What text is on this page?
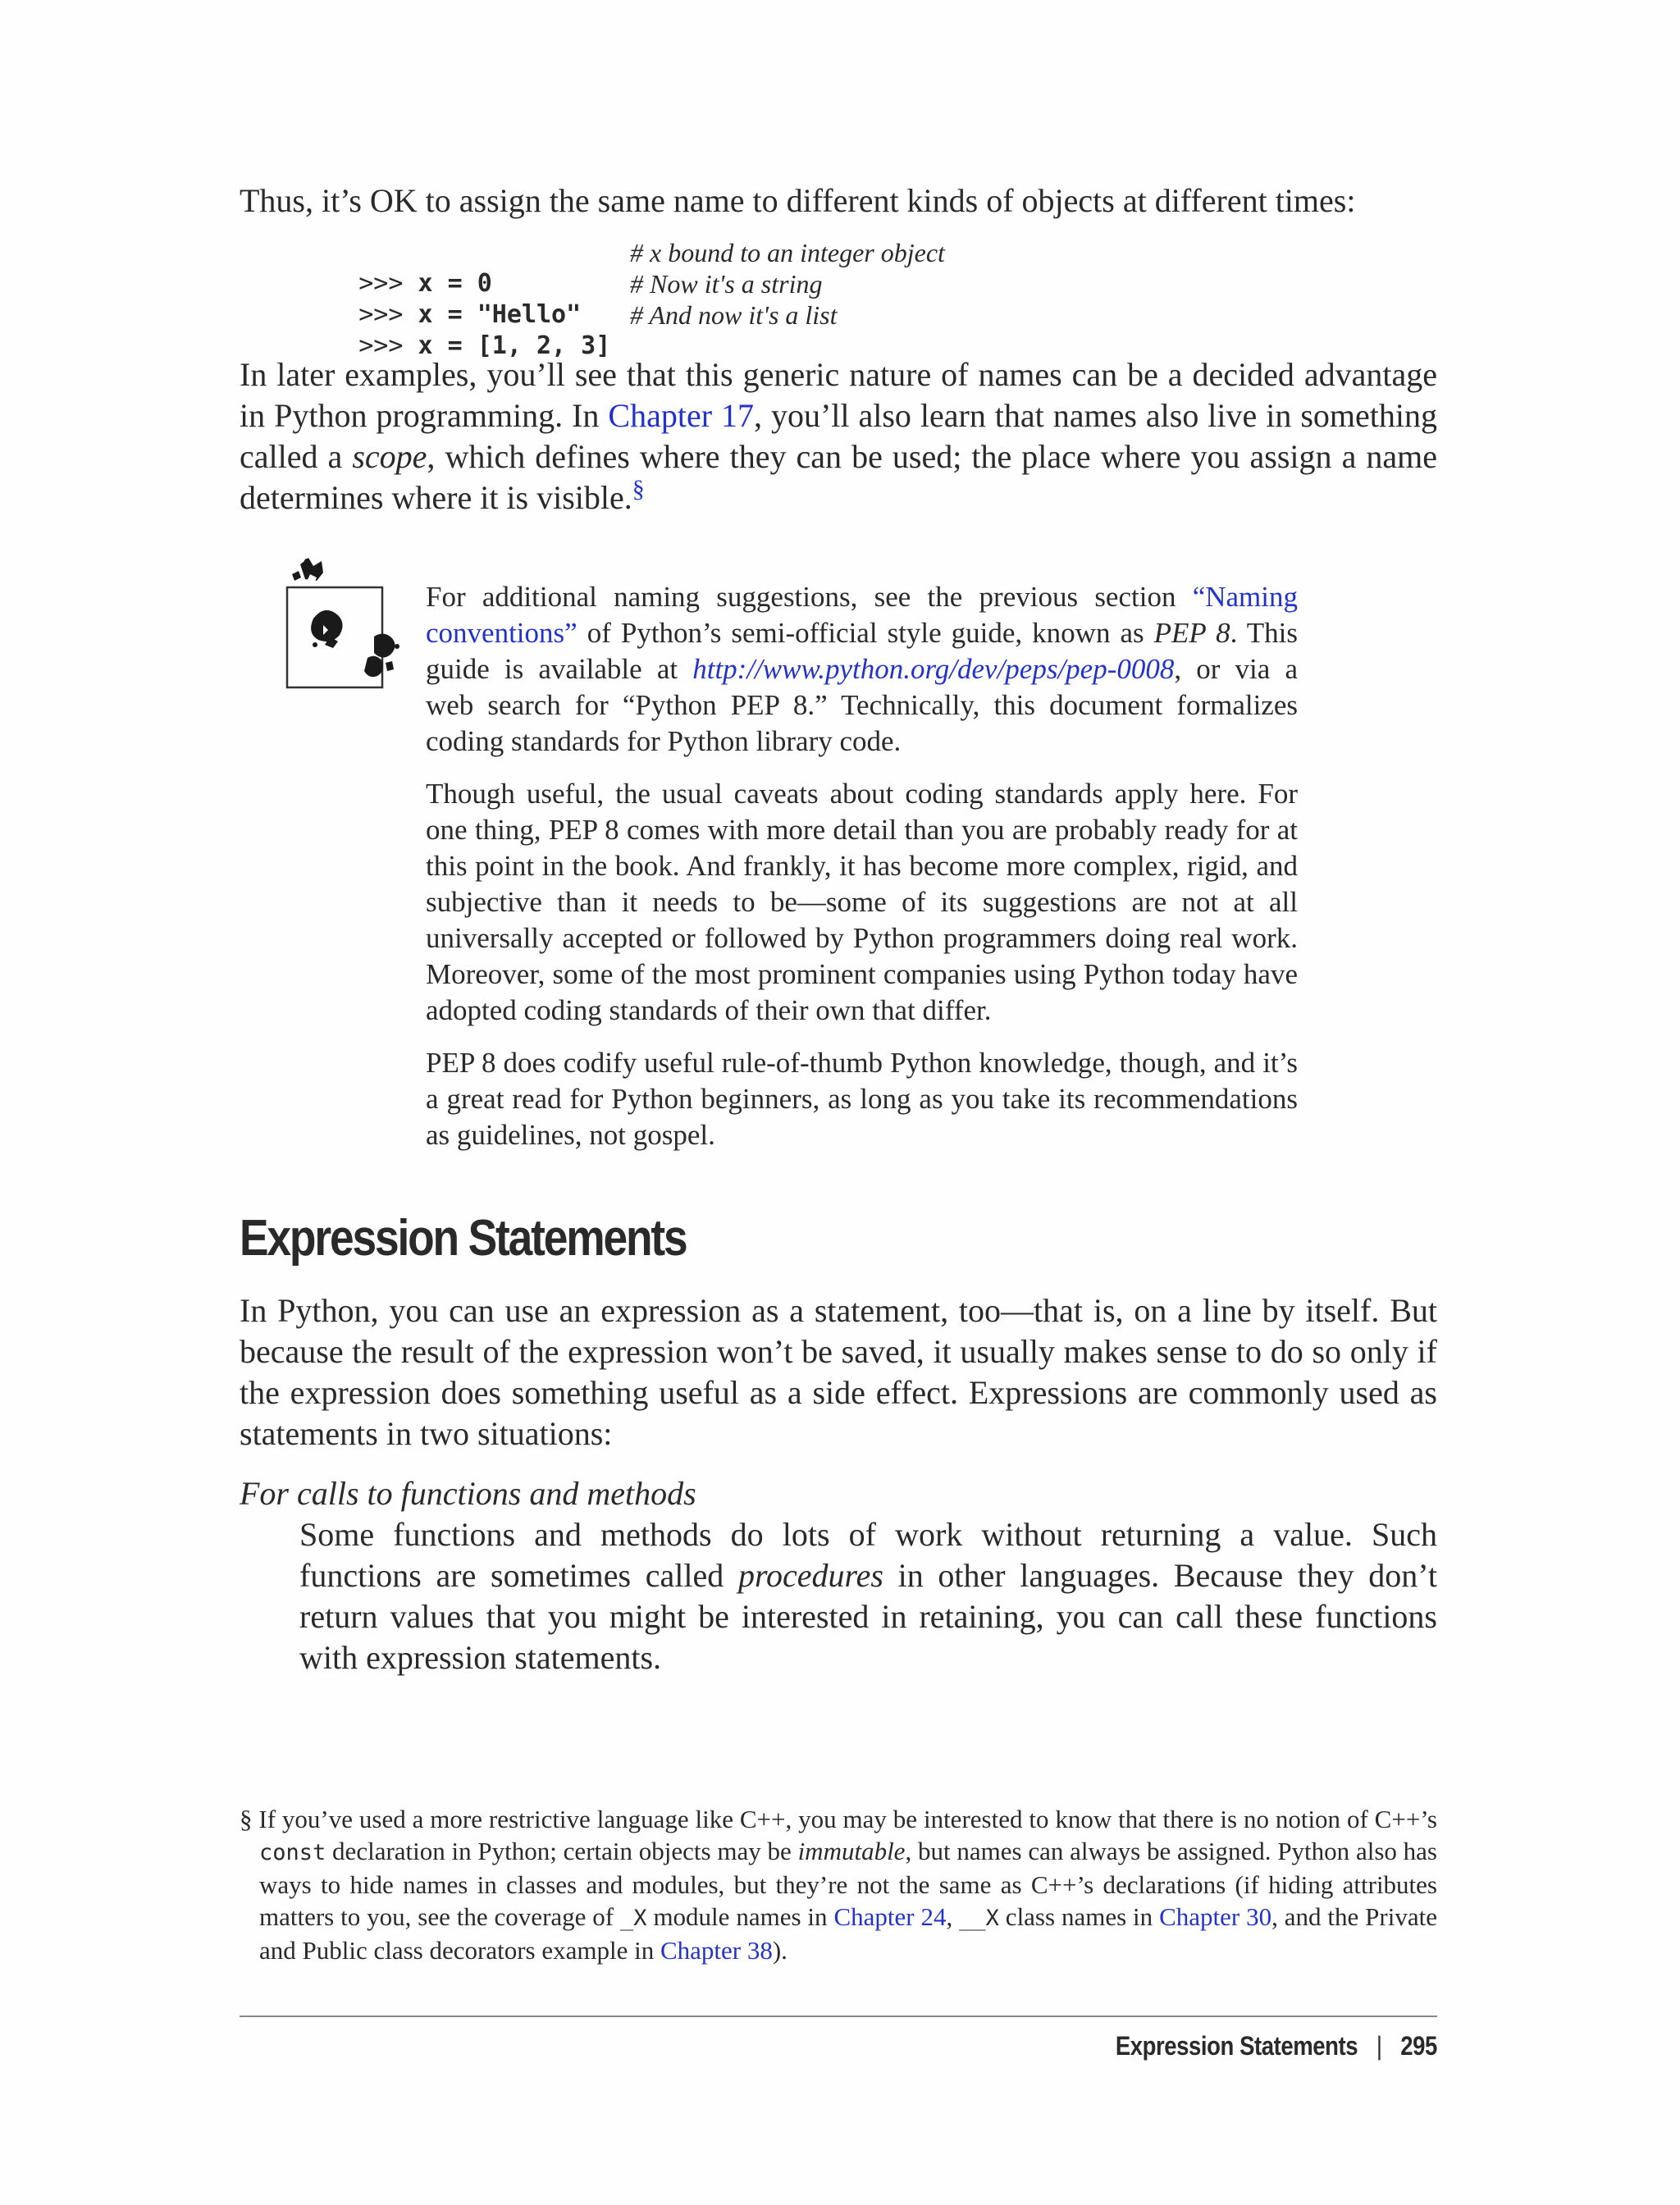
Thus, it’s OK to assign the same name to different kinds of objects at different times:

>>> x = 0
# x bound to an integer object

>>> x = "Hello"
# Now it's a string

>>> x = [1, 2, 3]
# And now it's a list

In later examples, you’ll see that this generic nature of names can be a decided advantage in Python programming. In Chapter 17, you’ll also learn that names also live in something called a scope, which defines where they can be used; the place where you assign a name determines where it is visible.§

For additional naming suggestions, see the previous section “Naming conventions” of Python’s semi-official style guide, known as PEP 8. This guide is available at http://www.python.org/dev/peps/pep-0008, or via a web search for “Python PEP 8.” Technically, this document formalizes coding standards for Python library code.

Though useful, the usual caveats about coding standards apply here. For one thing, PEP 8 comes with more detail than you are probably ready for at this point in the book. And frankly, it has become more complex, rigid, and subjective than it needs to be—some of its suggestions are not at all universally accepted or followed by Python programmers doing real work. Moreover, some of the most prominent companies using Python today have adopted coding standards of their own that differ.

PEP 8 does codify useful rule-of-thumb Python knowledge, though, and it’s a great read for Python beginners, as long as you take its recommendations as guidelines, not gospel.

Expression Statements

In Python, you can use an expression as a statement, too—that is, on a line by itself. But because the result of the expression won’t be saved, it usually makes sense to do so only if the expression does something useful as a side effect. Expressions are commonly used as statements in two situations:

For calls to functions and methods

Some functions and methods do lots of work without returning a value. Such functions are sometimes called procedures in other languages. Because they don’t return values that you might be interested in retaining, you can call these functions with expression statements.

§ If you’ve used a more restrictive language like C++, you may be interested to know that there is no notion of C++’s const declaration in Python; certain objects may be immutable, but names can always be assigned. Python also has ways to hide names in classes and modules, but they’re not the same as C++’s declarations (if hiding attributes matters to you, see the coverage of _X module names in Chapter 24, __X class names in Chapter 30, and the Private and Public class decorators example in Chapter 38).
Expression Statements | 295
